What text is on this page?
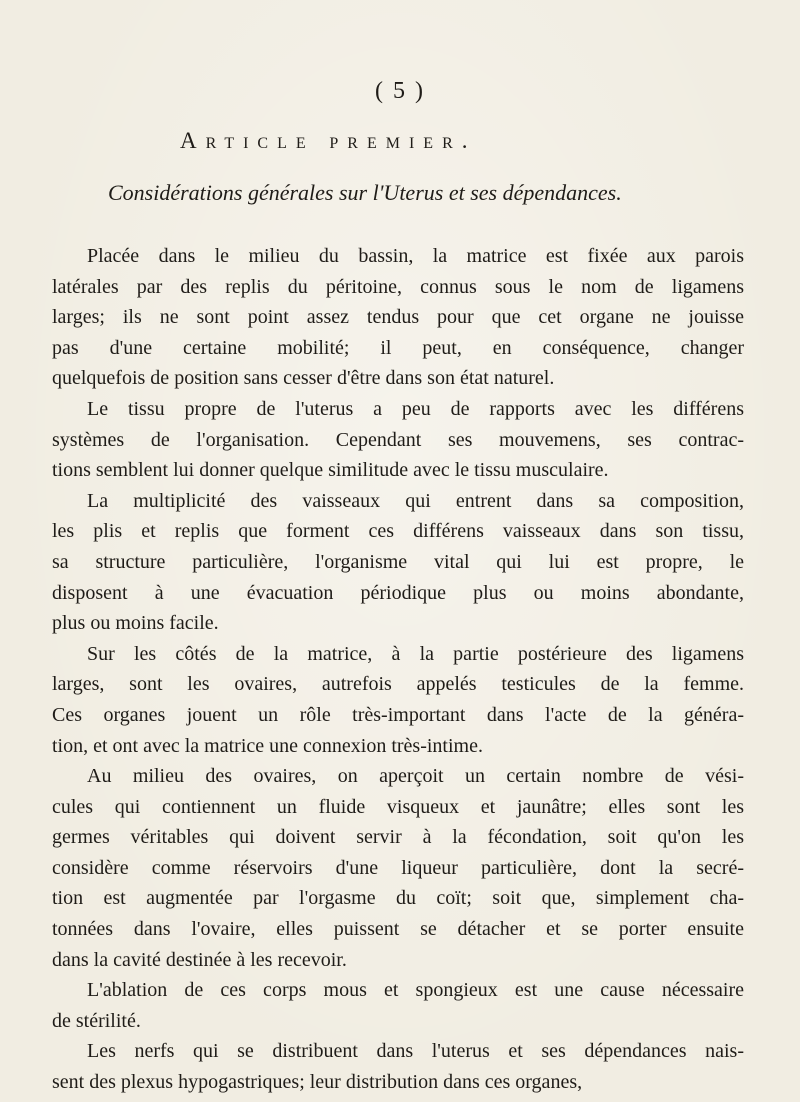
( 5 )
Article premier.
Considérations générales sur l'Uterus et ses dépendances.
Placée dans le milieu du bassin, la matrice est fixée aux parois
latérales par des replis du péritoine, connus sous le nom de ligamens
larges; ils ne sont point assez tendus pour que cet organe ne jouisse
pas d'une certaine mobilité; il peut, en conséquence, changer
quelquefois de position sans cesser d'être dans son état naturel.
Le tissu propre de l'uterus a peu de rapports avec les différens
systèmes de l'organisation. Cependant ses mouvemens, ses contrac-
tions semblent lui donner quelque similitude avec le tissu musculaire.
La multiplicité des vaisseaux qui entrent dans sa composition,
les plis et replis que forment ces différens vaisseaux dans son tissu,
sa structure particulière, l'organisme vital qui lui est propre, le
disposent à une évacuation périodique plus ou moins abondante,
plus ou moins facile.
Sur les côtés de la matrice, à la partie postérieure des ligamens
larges, sont les ovaires, autrefois appelés testicules de la femme.
Ces organes jouent un rôle très-important dans l'acte de la généra-
tion, et ont avec la matrice une connexion très-intime.
Au milieu des ovaires, on aperçoit un certain nombre de vési-
cules qui contiennent un fluide visqueux et jaunâtre; elles sont les
germes véritables qui doivent servir à la fécondation, soit qu'on les
considère comme réservoirs d'une liqueur particulière, dont la secré-
tion est augmentée par l'orgasme du coït; soit que, simplement cha-
tonnées dans l'ovaire, elles puissent se détacher et se porter ensuite
dans la cavité destinée à les recevoir.
L'ablation de ces corps mous et spongieux est une cause nécessaire
de stérilité.
Les nerfs qui se distribuent dans l'uterus et ses dépendances nais-
sent des plexus hypogastriques; leur distribution dans ces organes,
